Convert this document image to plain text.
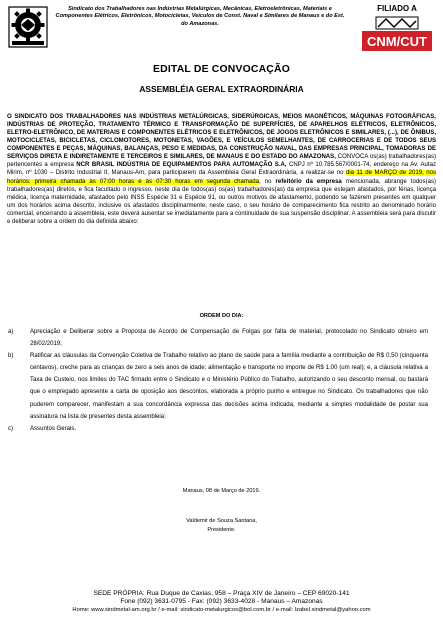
Sindicato dos Trabalhadores nas Indústrias Metalúrgicas, Mecânicas, Eletroeletrônicas, Materiais e Componentes Elétricos, Eletrônicos, Motocicletas, Veículos de Const. Naval e Similares de Manaus e do Est. do Amazonas.
FILIADO A
CNM/CUT
EDITAL DE CONVOCAÇÃO
ASSEMBLÉIA GERAL EXTRAORDINÁRIA
O SINDICATO DOS TRABALHADORES NAS INDÚSTRIAS METALÚRGICAS, SIDERÚRGICAS, MEIOS MAGNÉTICOS, MÁQUINAS FOTOGRÁFICAS, INDÚSTRIAS DE PROTEÇÃO, TRATAMENTO TÉRMICO E TRANSFORMAÇÃO DE SUPERFÍCIES, DE APARELHOS ELÉTRICOS, ELETRÔNICOS, ELETRO-ELETRÔNICO, DE MATERIAIS E COMPONENTES ELÉTRICOS E ELETRÔNICOS, DE JOGOS ELETRÔNICOS E SIMILARES, (...), DE ÔNIBUS, MOTOCICLETAS, BICICLETAS, CICLOMOTORES, MOTONETAS, VAGÕES, E VEÍCULOS SEMELHANTES, DE CARROCERIAS E DE TODOS SEUS COMPONENTES E PEÇAS, MÁQUINAS, BALANÇAS, PESO E MEDIDAS, DA CONSTRUÇÃO NAVAL, DAS EMPRESAS PRINCIPAL, TOMADORAS DE SERVIÇOS DIRETA E INDIRETAMENTE E TERCEIROS E SIMILARES, DE MANAUS E DO ESTADO DO AMAZONAS, CONVOCA os(as) trabalhadores(as) pertencentes a empresa NCR BRASIL INDÚSTRIA DE EQUIPAMENTOS PARA AUTOMAÇÃO S.A, CNPJ nº 10.785.567/0001-74, endereço na Av. Autaz Mirim, nº 1030 – Distrito Industrial II, Manaus-Am, para participarem da Assembleia Geral Extraordinária, a realizar-se no dia 11 de MARÇO de 2019, nos horários: primeira chamada às 07:00 horas e às 07:30 horas em segunda chamada, no refeitório da empresa mencionada, abrange todos(as) trabalhadores(as) diretos, e fica facultado o ingresso, neste dia de todos(as) os(as) trabalhadores(as) da empresa que estejam afastados, por férias, licença médica, licença maternidade, afastados pelo INSS Espécie 31 e Espécie 91, ou outros motivos de afastamento, podendo se fazerem presentes em qualquer um dos horários acima descrito, inclusive os afastados disciplinarmente, neste caso, o seu horário de comparecimento fica restrito ao denominado horário comercial, encerrando a assembleia, este deverá ausentar se imediatamente para a continuidade de sua suspensão disciplinar. A assembleia será para discutir e deliberar sobre a ordem do dia definida abaixo:
ORDEM DO DIA:
a)	Apreciação e Deliberar sobre a Proposta de Acordo de Compensação de Folgas por falta de material, protocolado no Sindicato obreiro em 28/02/2019;
b)	Ratificar as cláusulas da Convenção Coletiva de Trabalho relativo ao plano de saúde para a família mediante a contribuição de R$ 0,50 (cinquenta centavos), creche para as crianças de zero a seis anos de idade; alimentação e transporte no importe de R$ 1,00 (um real); e, a cláusula relativa a Taxa de Custeio, nos limites do TAC firmado entre o Sindicato e o Ministério Público do Trabalho, autorizando o seu desconto mensal, ou bastará que o empregado apresente a carta de oposição aos descontos, elaborada a próprio punho e entregue no Sindicato. Os trabalhadores que não puderem comparecer, manifestam a sua concordância expressa das decisões acima indicada, mediante a simples modalidade de postar sua assinatura na lista de presentes desta assembleia;
c)	Assuntos Gerais.
Manaus, 08 de Março de 2019.
Valdemir de Souza Santana,
Presidente.
SEDE PRÓPRIA: Rua Duque de Caxias, 958 – Praça XIV de Janeiro – CEP 69020-141
Fone (092) 3631-0795 - Fax: (092) 3633-4028 - Manaus – Amazonas
Home: www.sindmetal-am.org.br / e-mail: sindicato-metalurgicos@bol.com.br / e-mail: lzabel.sindmetal@yahoo.com
